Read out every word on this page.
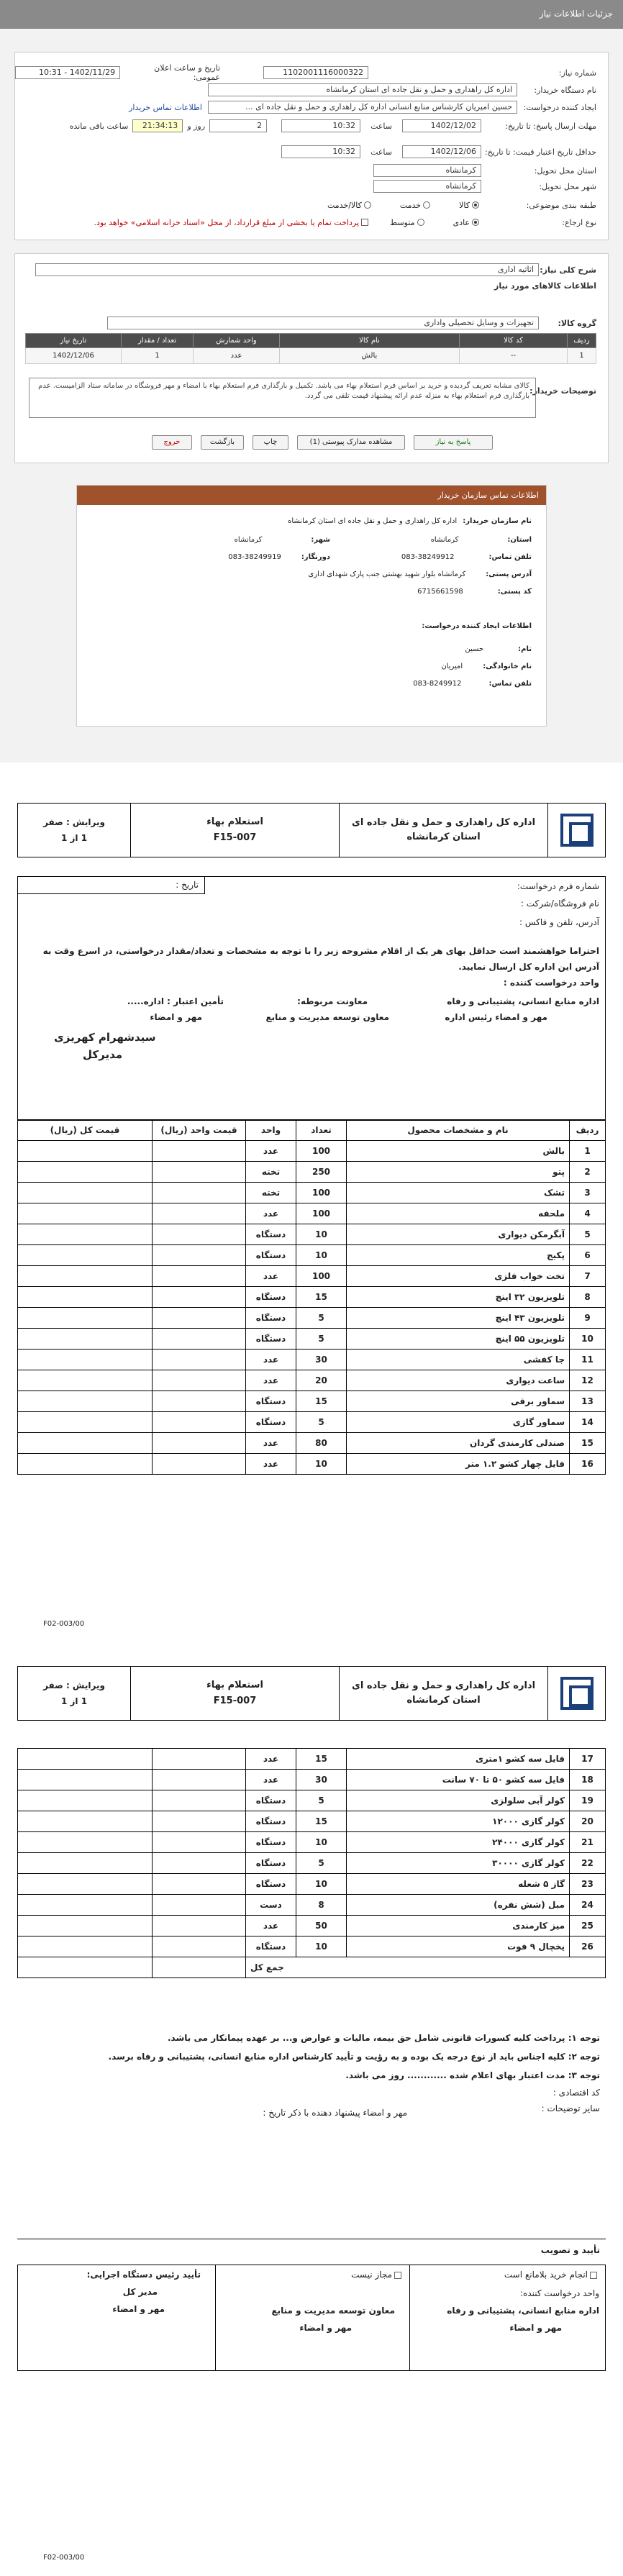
جزئیات اطلاعات نیاز
شماره نیاز:
1102001116000322
تاریخ و ساعت اعلان عمومی:
1402/11/29 - 10:31
نام دستگاه خریدار:
اداره کل راهداری و حمل و نقل جاده ای استان کرمانشاه
ایجاد کننده درخواست:
حسین امیریان کارشناس منابع انسانی اداره کل راهداری و حمل و نقل جاده ای ...
اطلاعات تماس خریدار
مهلت ارسال پاسخ: تا تاریخ:
1402/12/02
ساعت
10:32
2
روز و
21:34:13
ساعت باقی مانده
حداقل تاریخ اعتبار قیمت: تا تاریخ:
1402/12/06
ساعت
10:32
استان محل تحویل:
کرمانشاه
شهر محل تحویل:
کرمانشاه
طبقه بندی موضوعی:
کالا
خدمت
کالا/خدمت
نوع ارجاع:
عادی
متوسط
پرداخت تمام یا بخشی از مبلغ قرارداد، از محل «اسناد خزانه اسلامی» خواهد بود.
شرح کلی نیاز:
اثاثیه اداری
اطلاعات کالاهای مورد نیاز
گروه کالا:
تجهیزات و وسایل تحصیلی واداری
ردیف	کد کالا	نام کالا	واحد شمارش	تعداد / مقدار	تاریخ نیاز
1	--	بالش	عدد	1	1402/12/06
توضیحات خریدار:
کالای مشابه تعریف گردیده و خرید بر اساس فرم استعلام بهاء می باشد. تکمیل و بارگذاری فرم استعلام بهاء با امضاء و مهر فروشگاه در سامانه ستاد الزامیست. عدم بارگذاری فرم استعلام بهاء به منزله عدم ارائه پیشنهاد قیمت تلقی می گردد.
پاسخ به نیاز
مشاهده مدارک پیوستی (1)
چاپ
بازگشت
خروج
اطلاعات تماس سازمان خریدار
نام سازمان خریدار:
اداره کل راهداری و حمل و نقل جاده ای استان کرمانشاه
استان:
کرمانشاه
شهر:
کرمانشاه
تلفن تماس:
083-38249912
دورنگار:
083-38249919
آدرس پستی:
کرمانشاه بلوار شهید بهشتی جنب پارک شهدای اداری
کد پستی:
6715661598
اطلاعات ایجاد کننده درخواست:
نام:
حسین
نام خانوادگی:
امیریان
تلفن تماس:
083-8249912
اداره کل راهداری و حمل و نقل جاده ای
استان کرمانشاه
استعلام بهاء
F15-007
ویرایش : صفر
1 از 1
شماره فرم درخواست:
تاریخ :
نام فروشگاه/شرکت :
آدرس، تلفن و فاکس :
احتراما خواهشمند است حداقل بهای هر یک از اقلام مشروحه زیر را با توجه به مشخصات و تعداد/مقدار درخواستی، در اسرع وقت به آدرس این اداره کل ارسال نمایید.
واحد درخواست کننده :
اداره منابع انسانی، پشتیبانی و رفاه
مهر و امضاء رئیس اداره
معاونت مربوطه:
معاون توسعه مدیریت و منابع
تأمین اعتبار : اداره.....
مهر و امضاء
سیدشهرام کهریزی
مدیرکل
ردیف	نام و مشخصات محصول	تعداد	واحد	قیمت واحد (ریال)	قیمت کل (ریال)
1	بالش	100	عدد		
2	پتو	250	تخته		
3	تشک	100	تخته		
4	ملحفه	100	عدد		
5	آبگرمکن دیواری	10	دستگاه		
6	پکیج	10	دستگاه		
7	تخت خواب فلزی	100	عدد		
8	تلویزیون ۳۲ اینچ	15	دستگاه		
9	تلویزیون ۴۳ اینچ	5	دستگاه		
10	تلویزیون ۵۵ اینچ	5	دستگاه		
11	جا کفشی	30	عدد		
12	ساعت دیواری	20	عدد		
13	سماور برقی	15	دستگاه		
14	سماور گازی	5	دستگاه		
15	صندلی کارمندی گردان	80	عدد		
16	فایل چهار کشو ۱.۲ متر	10	عدد		
F02-003/00
اداره کل راهداری و حمل و نقل جاده ای
استان کرمانشاه
استعلام بهاء
F15-007
ویرایش : صفر
1 از 1
17	فایل سه کشو ۱متری	15	عدد		
18	فایل سه کشو ۵۰ تا ۷۰ سانت	30	عدد		
19	کولر آبی سلولزی	5	دستگاه		
20	کولر گازی ۱۲۰۰۰	15	دستگاه		
21	کولر گازی ۲۴۰۰۰	10	دستگاه		
22	کولر گازی ۳۰۰۰۰	5	دستگاه		
23	گاز ۵ شعله	10	دستگاه		
24	مبل (شش نفره)	8	دست		
25	میز کارمندی	50	عدد		
26	یخچال ۹ فوت	10	دستگاه		
جمع کل					
توجه ۱: پرداخت کلیه کسورات قانونی شامل حق بیمه، مالیات و عوارض و... بر عهده پیمانکار می باشد.
توجه ۲: کلیه اجناس باید از نوع درجه یک بوده و به رؤیت و تأیید کارشناس اداره منابع انسانی، پشتیبانی و رفاه برسد.
توجه ۳: مدت اعتبار بهای اعلام شده ............ روز می باشد.
کد اقتصادی :
سایر توضیحات :
مهر و امضاء پیشنهاد دهنده با ذکر تاریخ :
تأیید و تصویب
انجام خرید بلامانع است
واحد درخواست کننده:
اداره منابع انسانی، پشتیبانی و رفاه
مهر و امضاء
مجاز نیست
معاون توسعه مدیریت و منابع
مهر و امضاء
تأیید رئیس دستگاه اجرایی:
مدیر کل
مهر و امضاء
F02-003/00
